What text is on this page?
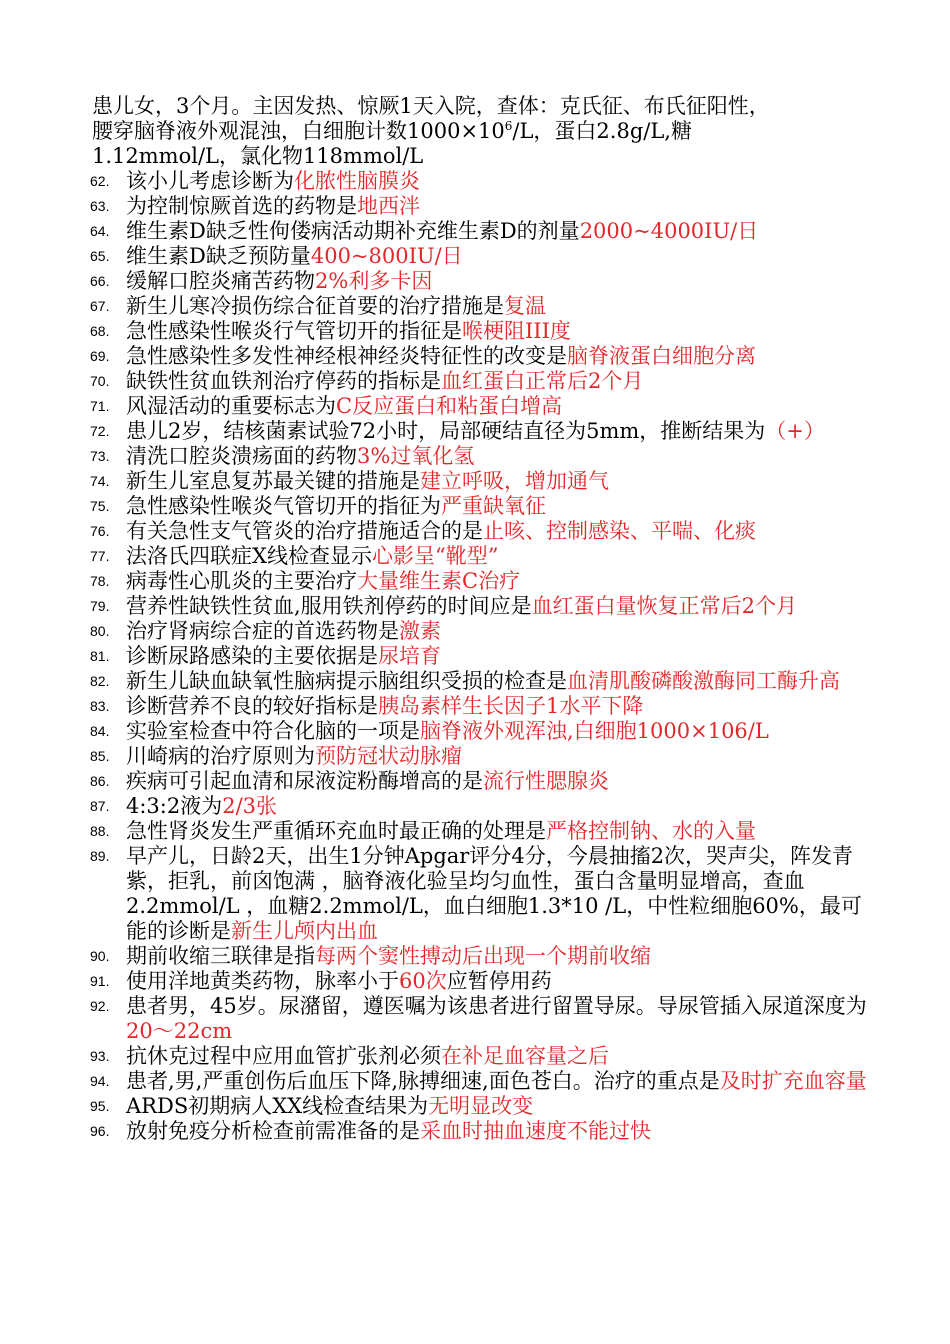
患儿女，3个月。主因发热、惊厥1天入院，查体：克氏征、布氏征阳性，
腰穿脑脊液外观混浊，白细胞计数$1000\times 10^6/L$，蛋白2.8g/L,糖
1.12mmol/L，氯化物118mmol/L
62. 该小儿考虑诊断为化脓性脑膜炎
63. 为控制惊厥首选的药物是地西泮
64. 维生素D缺乏性佝偻病活动期补充维生素D的剂量2000~4000IU/日
65. 维生素D缺乏预防量400~800IU/日
66. 缓解口腔炎痛苦药物2%利多卡因
67. 新生儿寒冷损伤综合征首要的治疗措施是复温
68. 急性感染性喉炎行气管切开的指征是喉梗阻III度
69. 急性感染性多发性神经根神经炎特征性的改变是脑脊液蛋白细胞分离
70. 缺铁性贫血铁剂治疗停药的指标是血红蛋白正常后2个月
71. 风湿活动的重要标志为C反应蛋白和粘蛋白增高
72. 患儿2岁，结核菌素试验72小时，局部硬结直径为5mm，推断结果为（+）
73. 清洗口腔炎溃疡面的药物3%过氧化氢
74. 新生儿室息复苏最关键的措施是建立呼吸，增加通气
75. 急性感染性喉炎气管切开的指征为严重缺氧征
76. 有关急性支气管炎的治疗措施适合的是止咳、控制感染、平喘、化痰
77. 法洛氏四联症X线检查显示心影呈“靴型”
78. 病毒性心肌炎的主要治疗大量维生素C治疗
79. 营养性缺铁性贫血,服用铁剂停药的时间应是血红蛋白量恢复正常后2个月
80. 治疗肾病综合症的首选药物是激素
81. 诊断尿路感染的主要依据是尿培育
82. 新生儿缺血缺氧性脑病提示脑组织受损的检查是血清肌酸磷酸激酶同工酶升高
83. 诊断营养不良的较好指标是胰岛素样生长因子1水平下降
84. 实验室检查中符合化脑的一项是脑脊液外观浑浊,白细胞1000×106/L
85. 川崎病的治疗原则为预防冠状动脉瘤
86. 疾病可引起血清和尿液淀粉酶增高的是流行性腮腺炎
87. 4:3:2液为2/3张
88. 急性肾炎发生严重循环充血时最正确的处理是严格控制钠、水的入量
89. 早产儿，日龄2天，出生1分钟Apgar评分4分，今晨抽搐2次，哭声尖，阵发青紫，拒乳，前囟饱满 ，脑脊液化验呈均匀血性，蛋白含量明显增高，查血 2.2mmol/L ，血糖2.2mmol/L，血白细胞1.3*10 /L，中性粒细胞60%，最可能的诊断是新生儿颅内出血
90. 期前收缩三联律是指每两个窦性搏动后出现一个期前收缩
91. 使用洋地黄类药物，脉率小于60次应暂停用药
92. 患者男，45岁。尿潴留，遵医嘱为该患者进行留置导尿。导尿管插入尿道深度为20～22cm
93. 抗休克过程中应用血管扩张剂必须在补足血容量之后
94. 患者,男,严重创伤后血压下降,脉搏细速,面色苍白。治疗的重点是及时扩充血容量
95. ARDS初期病人XX线检查结果为无明显改变
96. 放射免疫分析检查前需准备的是采血时抽血速度不能过快
